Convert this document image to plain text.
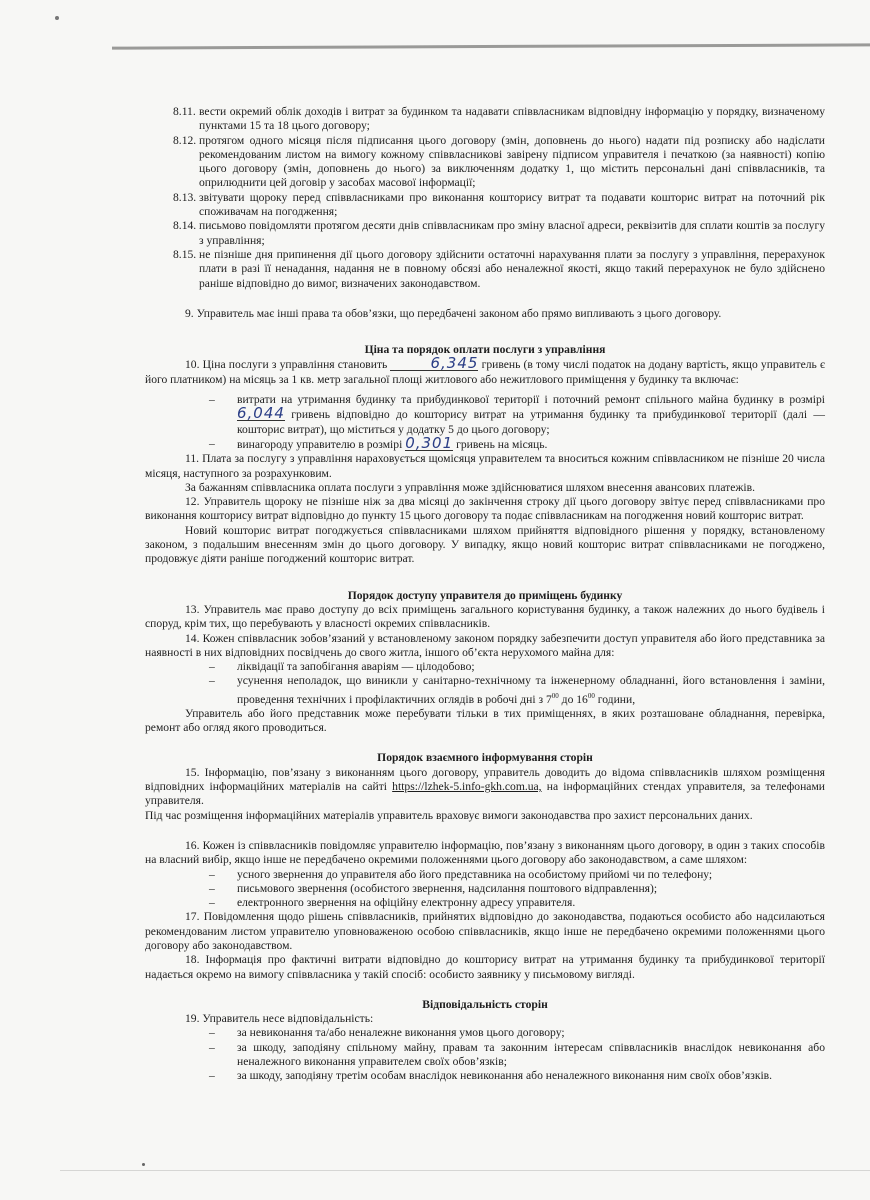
8.11. вести окремий облік доходів і витрат за будинком та надавати співвласникам відповідну інформацію у порядку, визначеному пунктами 15 та 18 цього договору;
8.12. протягом одного місяця після підписання цього договору (змін, доповнень до нього) надати під розписку або надіслати рекомендованим листом на вимогу кожному співвласникові завірену підписом управителя і печаткою (за наявності) копію цього договору (змін, доповнень до нього) за виключенням додатку 1, що містить персональні дані співвласників, та оприлюднити цей договір у засобах масової інформації;
8.13. звітувати щороку перед співвласниками про виконання кошторису витрат та подавати кошторис витрат на поточний рік споживачам на погодження;
8.14. письмово повідомляти протягом десяти днів співвласникам про зміну власної адреси, реквізитів для сплати коштів за послугу з управління;
8.15. не пізніше дня припинення дії цього договору здійснити остаточні нарахування плати за послугу з управління, перерахунок плати в разі її ненадання, надання не в повному обсязі або неналежної якості, якщо такий перерахунок не було здійснено раніше відповідно до вимог, визначених законодавством.

9. Управитель має інші права та обов’язки, що передбачені законом або прямо випливають з цього договору.

Ціна та порядок оплати послуги з управління

10. Ціна послуги з управління становить	6,345 гривень (в тому числі податок на додану вартість, якщо управитель є його платником) на місяць за 1 кв. метр загальної площі житлового або нежитлового приміщення у будинку та включає:

– витрати на утримання будинку та прибудинкової території і поточний ремонт спільного майна будинку в розмірі 6,044 гривень відповідно до кошторису витрат на утримання будинку та прибудинкової території (далі — кошторис витрат), що міститься у додатку 5 до цього договору;
– винагороду управителю в розмірі 0,301 гривень на місяць.

11. Плата за послугу з управління нараховується щомісяця управителем та вноситься кожним співвласником не пізніше 20 числа місяця, наступного за розрахунковим.

За бажанням співвласника оплата послуги з управління може здійснюватися шляхом внесення авансових платежів.

12. Управитель щороку не пізніше ніж за два місяці до закінчення строку дії цього договору звітує перед співвласниками про виконання кошторису витрат відповідно до пункту 15 цього договору та подає співвласникам на погодження новий кошторис витрат.

Новий кошторис витрат погоджується співвласниками шляхом прийняття відповідного рішення у порядку, встановленому законом, з подальшим внесенням змін до цього договору. У випадку, якщо новий кошторис витрат співвласниками не погоджено, продовжує діяти раніше погоджений кошторис витрат.

Порядок доступу управителя до приміщень будинку

13. Управитель має право доступу до всіх приміщень загального користування будинку, а також належних до нього будівель і споруд, крім тих, що перебувають у власності окремих співвласників.

14. Кожен співвласник зобов’язаний у встановленому законом порядку забезпечити доступ управителя або його представника за наявності в них відповідних посвідчень до свого житла, іншого об’єкта нерухомого майна для:

– ліквідації та запобігання аваріям — цілодобово;
– усунення неполадок, що виникли у санітарно-технічному та інженерному обладнанні, його встановлення і заміни, проведення технічних і профілактичних оглядів в робочі дні з $7^{00}$ до $16^{00}$ години,

Управитель або його представник може перебувати тільки в тих приміщеннях, в яких розташоване обладнання, перевірка, ремонт або огляд якого проводиться.

Порядок взаємного інформування сторін

15. Інформацію, пов’язану з виконанням цього договору, управитель доводить до відома співвласників шляхом розміщення відповідних інформаційних матеріалів на сайті https://lzhek-5.info-gkh.com.ua, на інформаційних стендах управителя, за телефонами управителя.

Під час розміщення інформаційних матеріалів управитель враховує вимоги законодавства про захист персональних даних.

16. Кожен із співвласників повідомляє управителю інформацію, пов’язану з виконанням цього договору, в один з таких способів на власний вибір, якщо інше не передбачено окремими положеннями цього договору або законодавством, а саме шляхом:

– усного звернення до управителя або його представника на особистому прийомі чи по телефону;
– письмового звернення (особистого звернення, надсилання поштового відправлення);
– електронного звернення на офіційну електронну адресу управителя.

17. Повідомлення щодо рішень співвласників, прийнятих відповідно до законодавства, подаються особисто або надсилаються рекомендованим листом управителю уповноваженою особою співвласників, якщо інше не передбачено окремими положеннями цього договору або законодавством.

18. Інформація про фактичні витрати відповідно до кошторису витрат на утримання будинку та прибудинкової території надається окремо на вимогу співвласника у такій спосіб: особисто заявнику у письмовому вигляді.

Відповідальність сторін

19. Управитель несе відповідальність:

– за невиконання та/або неналежне виконання умов цього договору;
– за шкоду, заподіяну спільному майну, правам та законним інтересам співвласників внаслідок невиконання або неналежного виконання управителем своїх обов’язків;
– за шкоду, заподіяну третім особам внаслідок невиконання або неналежного виконання ним своїх обов’язків.
